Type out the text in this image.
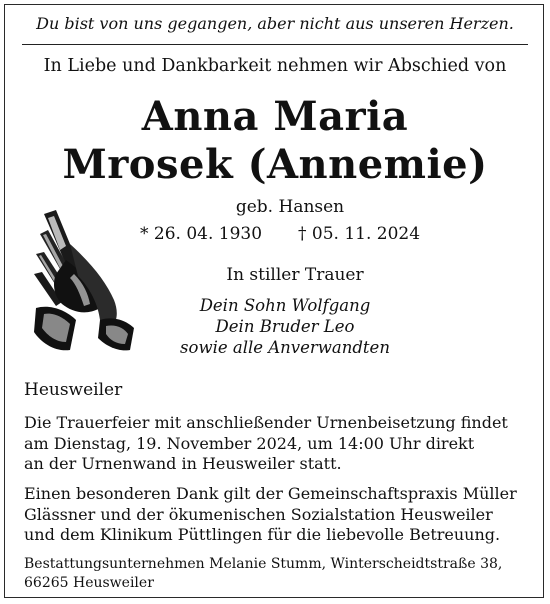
Du bist von uns gegangen, aber nicht aus unseren Herzen.
In Liebe und Dankbarkeit nehmen wir Abschied von
Anna Maria
Mrosek (Annemie)
geb. Hansen
* 26. 04. 1930 † 05. 11. 2024
In stiller Trauer
Dein Sohn Wolfgang
Dein Bruder Leo
sowie alle Anverwandten
Heusweiler
Die Trauerfeier mit anschließender Urnenbeisetzung findet
am Dienstag, 19. November 2024, um 14:00 Uhr direkt
an der Urnenwand in Heusweiler statt.
Einen besonderen Dank gilt der Gemeinschaftspraxis Müller
Glässner und der ökumenischen Sozialstation Heusweiler
und dem Klinikum Püttlingen für die liebevolle Betreuung.
Bestattungsunternehmen Melanie Stumm, Winterscheidtstraße 38,
66265 Heusweiler
